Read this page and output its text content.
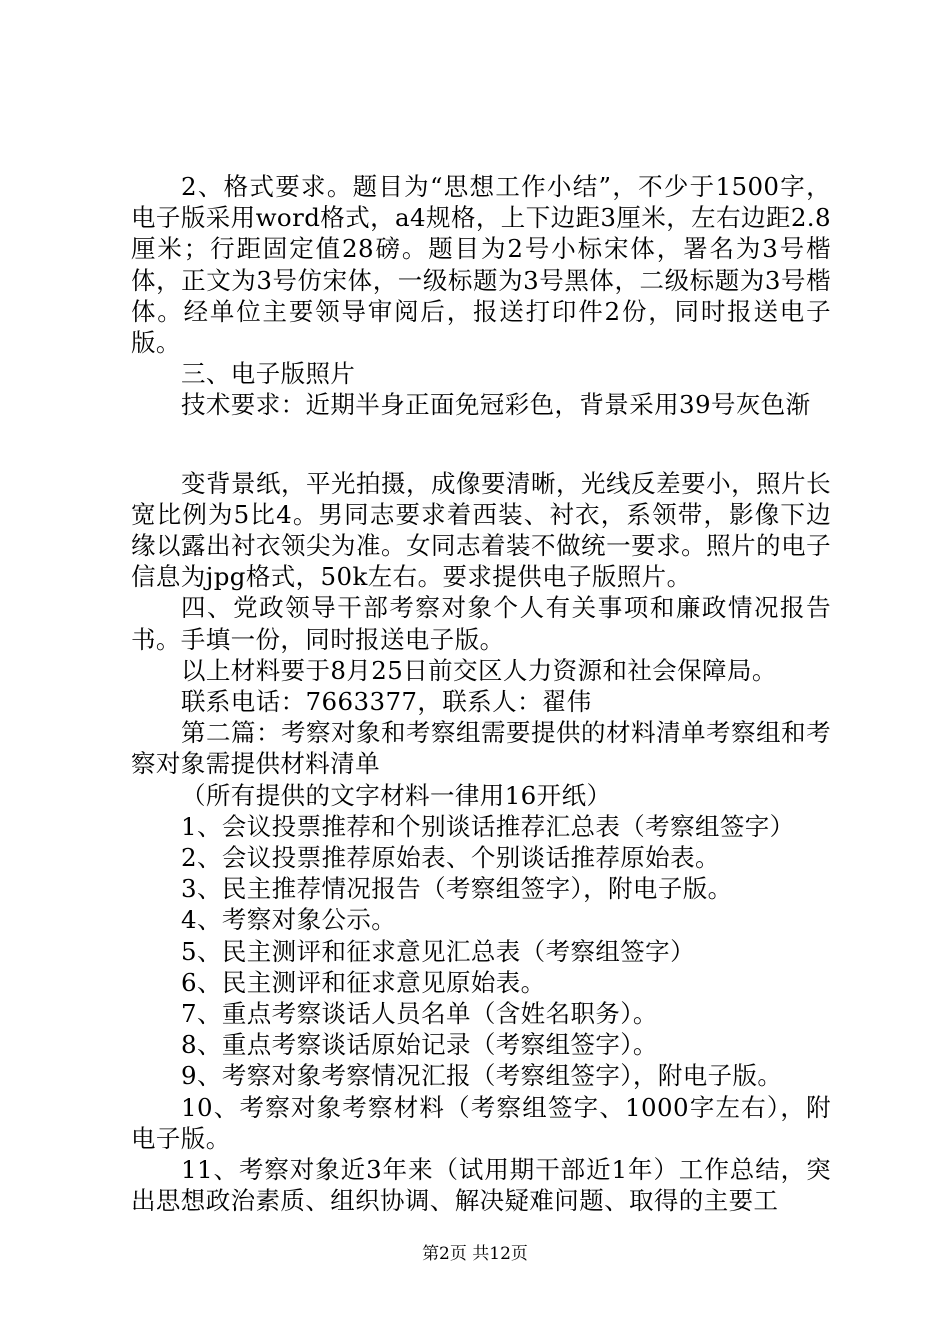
2、格式要求。题目为“思想工作小结”，不少于1500字，电子版采用word格式，a4规格，上下边距3厘米，左右边距2.8厘米；行距固定值28磅。题目为2号小标宋体，署名为3号楷体，正文为3号仿宋体，一级标题为3号黑体，二级标题为3号楷体。经单位主要领导审阅后，报送打印件2份，同时报送电子版。

三、电子版照片

技术要求：近期半身正面免冠彩色，背景采用39号灰色渐

变背景纸，平光拍摄，成像要清晰，光线反差要小，照片长宽比例为5比4。男同志要求着西装、衬衣，系领带，影像下边缘以露出衬衣领尖为准。女同志着装不做统一要求。照片的电子信息为jpg格式，50k左右。要求提供电子版照片。

四、党政领导干部考察对象个人有关事项和廉政情况报告书。手填一份，同时报送电子版。

以上材料要于8月25日前交区人力资源和社会保障局。

联系电话：7663377，联系人：翟伟

第二篇：考察对象和考察组需要提供的材料清单考察组和考察对象需提供材料清单

（所有提供的文字材料一律用16开纸）

1、会议投票推荐和个别谈话推荐汇总表（考察组签字）

2、会议投票推荐原始表、个别谈话推荐原始表。

3、民主推荐情况报告（考察组签字），附电子版。

4、考察对象公示。

5、民主测评和征求意见汇总表（考察组签字）

6、民主测评和征求意见原始表。

7、重点考察谈话人员名单（含姓名职务）。

8、重点考察谈话原始记录（考察组签字）。

9、考察对象考察情况汇报（考察组签字），附电子版。

10、考察对象考察材料（考察组签字、1000字左右），附电子版。

11、考察对象近3年来（试用期干部近1年）工作总结，突出思想政治素质、组织协调、解决疑难问题、取得的主要工

第2页 共12页
